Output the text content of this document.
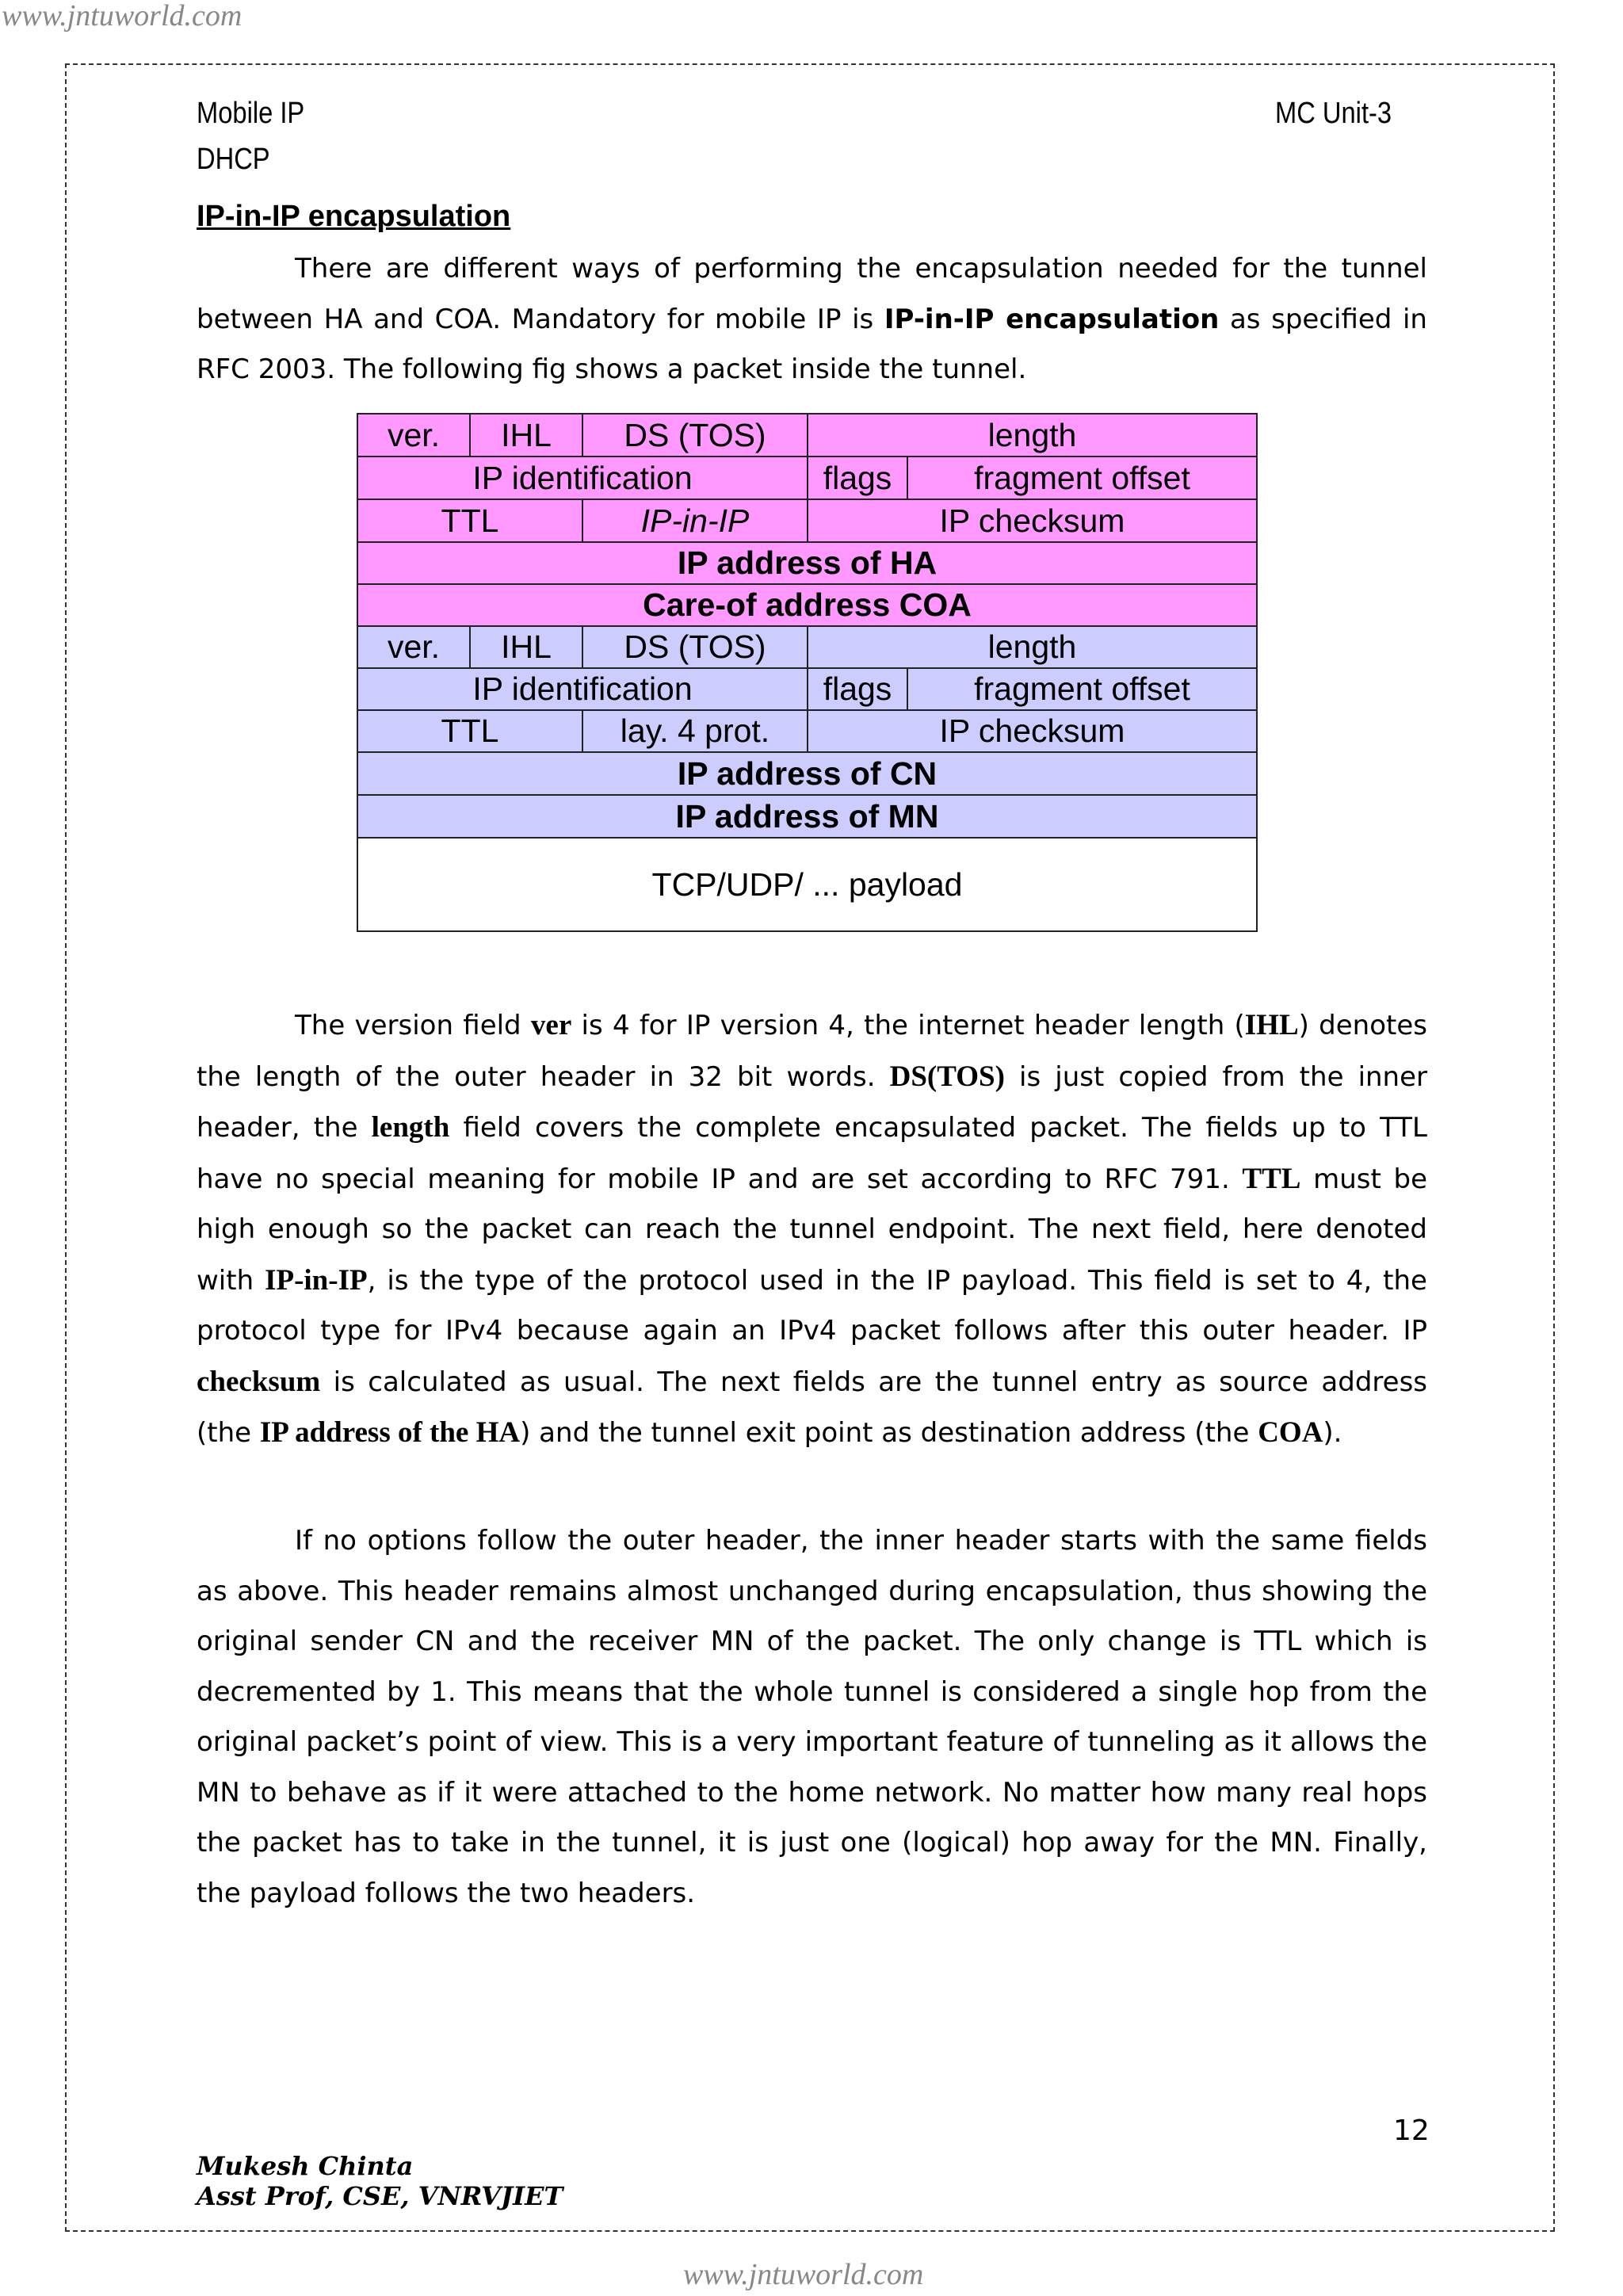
www.jntuworld.com
Mobile IP
DHCP
MC Unit-3
IP-in-IP encapsulation

There are different ways of performing the encapsulation needed for the tunnel between HA and COA. Mandatory for mobile IP is IP-in-IP encapsulation as specified in RFC 2003. The following fig shows a packet inside the tunnel.

ver.	IHL	DS (TOS)	length
IP identification	flags	fragment offset
TTL	IP-in-IP	IP checksum
IP address of HA
Care-of address COA
ver.	IHL	DS (TOS)	length
IP identification	flags	fragment offset
TTL	lay. 4 prot.	IP checksum
IP address of CN
IP address of MN
TCP/UDP/ ... payload

The version field ver is 4 for IP version 4, the internet header length (IHL) denotes the length of the outer header in 32 bit words. DS(TOS) is just copied from the inner header, the length field covers the complete encapsulated packet. The fields up to TTL have no special meaning for mobile IP and are set according to RFC 791. TTL must be high enough so the packet can reach the tunnel endpoint. The next field, here denoted with IP-in-IP, is the type of the protocol used in the IP payload. This field is set to 4, the protocol type for IPv4 because again an IPv4 packet follows after this outer header. IP checksum is calculated as usual. The next fields are the tunnel entry as source address (the IP address of the HA) and the tunnel exit point as destination address (the COA).

If no options follow the outer header, the inner header starts with the same fields as above. This header remains almost unchanged during encapsulation, thus showing the original sender CN and the receiver MN of the packet. The only change is TTL which is decremented by 1. This means that the whole tunnel is considered a single hop from the original packet’s point of view. This is a very important feature of tunneling as it allows the MN to behave as if it were attached to the home network. No matter how many real hops the packet has to take in the tunnel, it is just one (logical) hop away for the MN. Finally, the payload follows the two headers.

12
Mukesh Chinta
Asst Prof, CSE, VNRVJIET
www.jntuworld.com
